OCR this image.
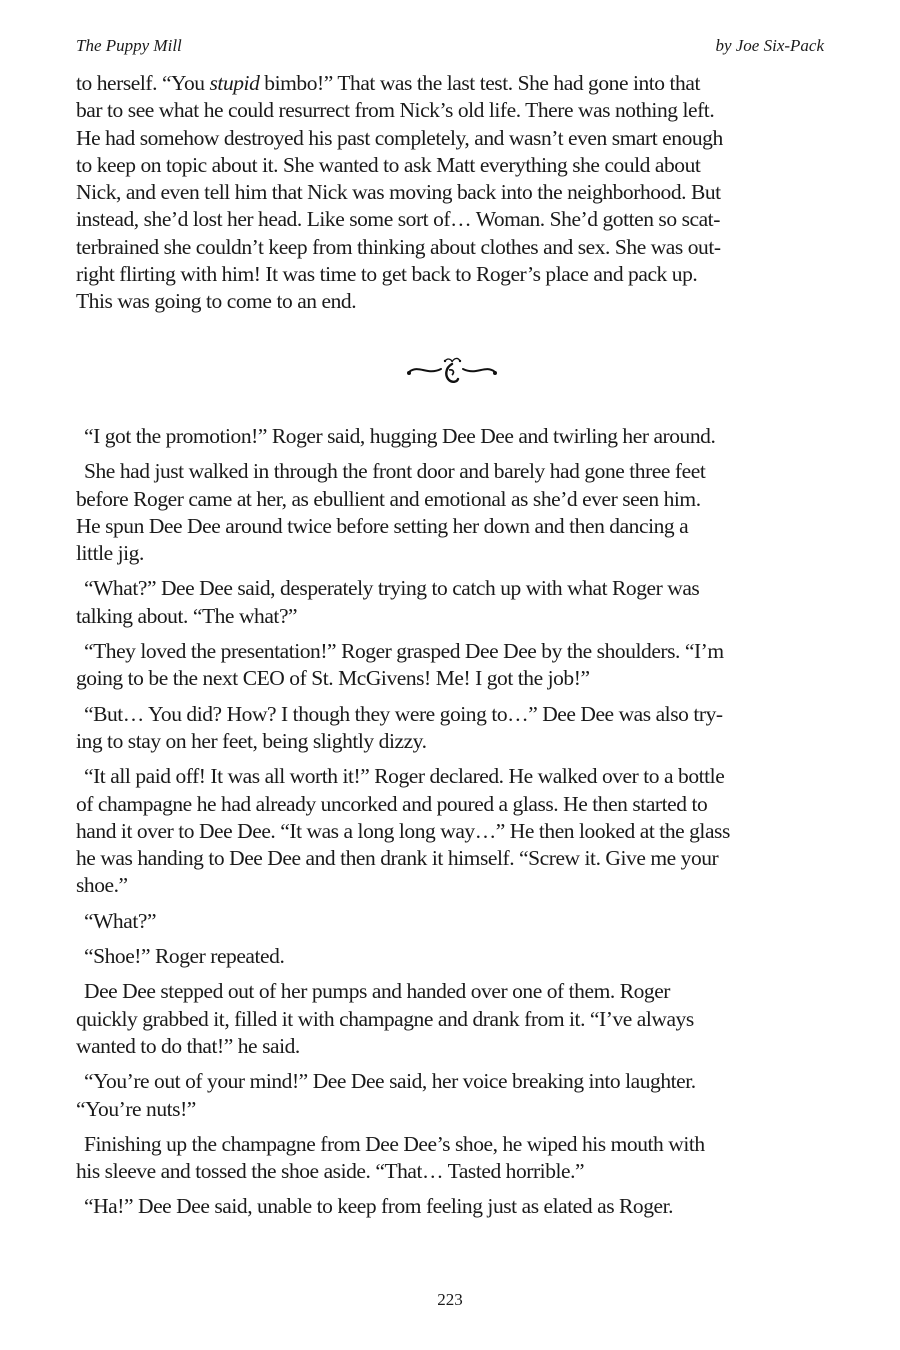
The Puppy Mill	by Joe Six-Pack
to herself. “You stupid bimbo!” That was the last test. She had gone into that
bar to see what he could resurrect from Nick’s old life. There was nothing left.
He had somehow destroyed his past completely, and wasn’t even smart enough
to keep on topic about it. She wanted to ask Matt everything she could about
Nick, and even tell him that Nick was moving back into the neighborhood. But
instead, she’d lost her head. Like some sort of… Woman. She’d gotten so scat-
terbrained she couldn’t keep from thinking about clothes and sex. She was out-
right flirting with him! It was time to get back to Roger’s place and pack up.
This was going to come to an end.
“I got the promotion!” Roger said, hugging Dee Dee and twirling her around.
She had just walked in through the front door and barely had gone three feet
before Roger came at her, as ebullient and emotional as she’d ever seen him.
He spun Dee Dee around twice before setting her down and then dancing a
little jig.
“What?” Dee Dee said, desperately trying to catch up with what Roger was
talking about. “The what?”
“They loved the presentation!” Roger grasped Dee Dee by the shoulders. “I’m
going to be the next CEO of St. McGivens! Me! I got the job!”
“But… You did? How? I though they were going to…” Dee Dee was also try-
ing to stay on her feet, being slightly dizzy.
“It all paid off! It was all worth it!” Roger declared. He walked over to a bottle
of champagne he had already uncorked and poured a glass. He then started to
hand it over to Dee Dee. “It was a long long way…” He then looked at the glass
he was handing to Dee Dee and then drank it himself. “Screw it. Give me your
shoe.”
“What?”
“Shoe!” Roger repeated.
Dee Dee stepped out of her pumps and handed over one of them. Roger
quickly grabbed it, filled it with champagne and drank from it. “I’ve always
wanted to do that!” he said.
“You’re out of your mind!” Dee Dee said, her voice breaking into laughter.
“You’re nuts!”
Finishing up the champagne from Dee Dee’s shoe, he wiped his mouth with
his sleeve and tossed the shoe aside. “That… Tasted horrible.”
“Ha!” Dee Dee said, unable to keep from feeling just as elated as Roger.
223
